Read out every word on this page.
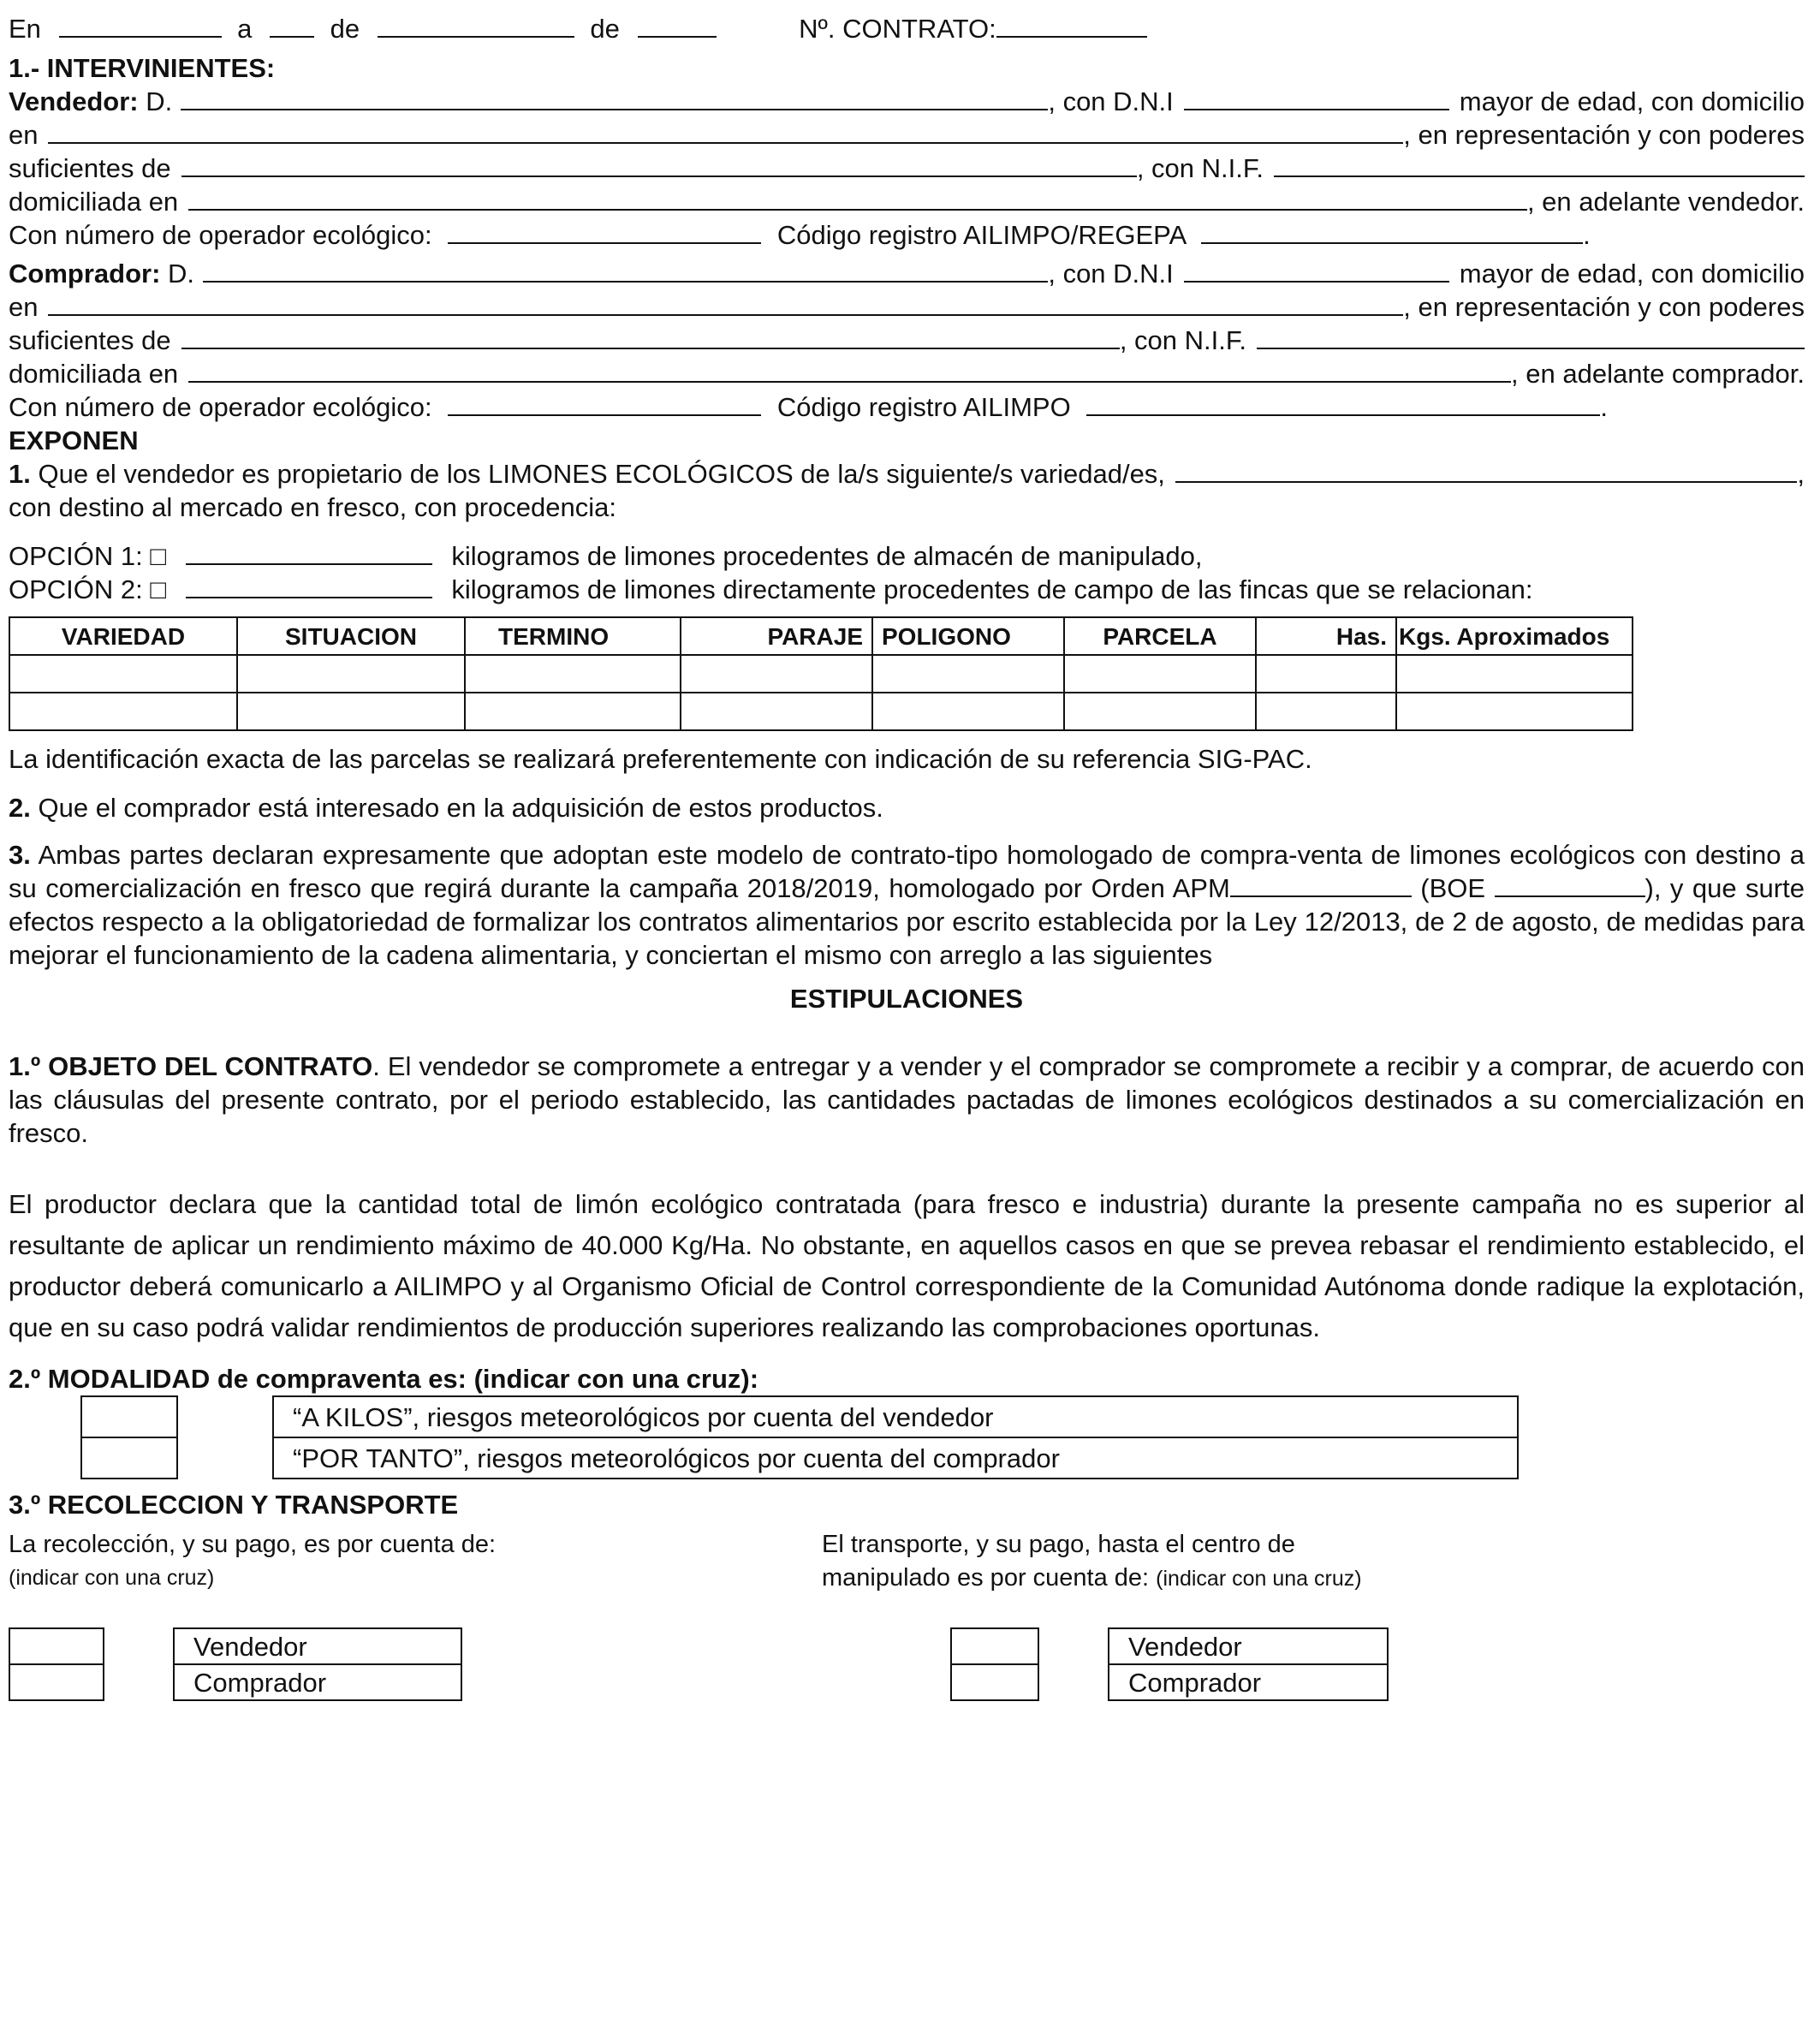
En	a	de	de	Nº. CONTRATO:
1.- INTERVINIENTES:
Vendedor: D.	, con D.N.I	mayor de edad, con domicilio
en	, en representación y con poderes
suficientes de	, con N.I.F.
domiciliada en	, en adelante vendedor.
Con número de operador ecológico:	Código registro AILIMPO/REGEPA	.
Comprador: D.	, con D.N.I	mayor de edad, con domicilio
en	, en representación y con poderes
suficientes de	, con N.I.F.
domiciliada en	, en adelante comprador.
Con número de operador ecológico:	Código registro AILIMPO	.
EXPONEN
1. Que el vendedor es propietario de los LIMONES ECOLÓGICOS de la/s siguiente/s variedad/es,	,
con destino al mercado en fresco, con procedencia:
OPCIÓN 1: □	kilogramos de limones procedentes de almacén de manipulado,
OPCIÓN 2: □	kilogramos de limones directamente procedentes de campo de las fincas que se relacionan:
VARIEDAD	SITUACION	TERMINO	PARAJE	POLIGONO	PARCELA	Has.	Kgs. Aproximados

La identificación exacta de las parcelas se realizará preferentemente con indicación de su referencia SIG-PAC.
2. Que el comprador está interesado en la adquisición de estos productos.
3. Ambas partes declaran expresamente que adoptan este modelo de contrato-tipo homologado de compra-venta de limones ecológicos con destino a su comercialización en fresco que regirá durante la campaña 2018/2019, homologado por Orden APM	(BOE	), y que surte efectos respecto a la obligatoriedad de formalizar los contratos alimentarios por escrito establecida por la Ley 12/2013, de 2 de agosto, de medidas para mejorar el funcionamiento de la cadena alimentaria, y conciertan el mismo con arreglo a las siguientes
ESTIPULACIONES
1.º OBJETO DEL CONTRATO. El vendedor se compromete a entregar y a vender y el comprador se compromete a recibir y a comprar, de acuerdo con las cláusulas del presente contrato, por el periodo establecido, las cantidades pactadas de limones ecológicos destinados a su comercialización en fresco.
El productor declara que la cantidad total de limón ecológico contratada (para fresco e industria) durante la presente campaña no es superior al resultante de aplicar un rendimiento máximo de 40.000 Kg/Ha. No obstante, en aquellos casos en que se prevea rebasar el rendimiento establecido, el productor deberá comunicarlo a AILIMPO y al Organismo Oficial de Control correspondiente de la Comunidad Autónoma donde radique la explotación, que en su caso podrá validar rendimientos de producción superiores realizando las comprobaciones oportunas.
2.º MODALIDAD de compraventa es: (indicar con una cruz):
		“A KILOS”, riesgos meteorológicos por cuenta del vendedor
		“POR TANTO”, riesgos meteorológicos por cuenta del comprador
3.º RECOLECCION Y TRANSPORTE
La recolección, y su pago, es por cuenta de:
(indicar con una cruz)
		Vendedor
		Comprador
El transporte, y su pago, hasta el centro de
manipulado es por cuenta de: (indicar con una cruz)
		Vendedor
		Comprador
